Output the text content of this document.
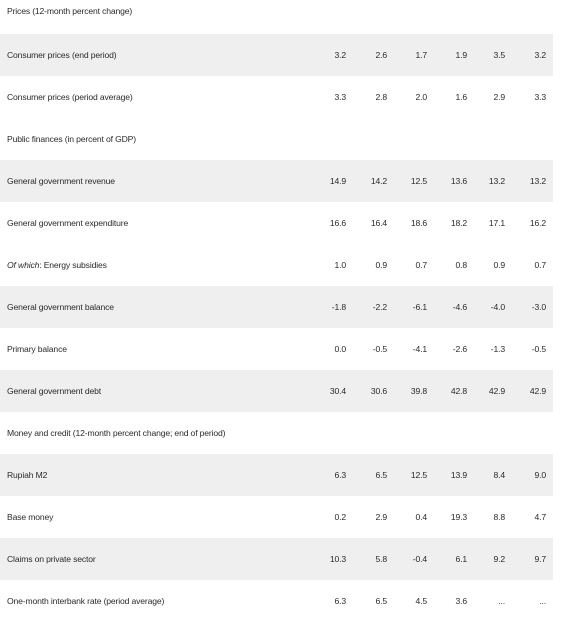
Prices (12-month percent change)
Consumer prices (end period)	3.2	2.6	1.7	1.9	3.5	3.2
Consumer prices (period average)	3.3	2.8	2.0	1.6	2.9	3.3
Public finances (in percent of GDP)
General government revenue	14.9	14.2	12.5	13.6	13.2	13.2
General government expenditure	16.6	16.4	18.6	18.2	17.1	16.2
Of which: Energy subsidies	1.0	0.9	0.7	0.8	0.9	0.7
General government balance	-1.8	-2.2	-6.1	-4.6	-4.0	-3.0
Primary balance	0.0	-0.5	-4.1	-2.6	-1.3	-0.5
General government debt	30.4	30.6	39.8	42.8	42.9	42.9
Money and credit (12-month percent change; end of period)
Rupiah M2	6.3	6.5	12.5	13.9	8.4	9.0
Base money	0.2	2.9	0.4	19.3	8.8	4.7
Claims on private sector	10.3	5.8	-0.4	6.1	9.2	9.7
One-month interbank rate (period average)	6.3	6.5	4.5	3.6	...	...
